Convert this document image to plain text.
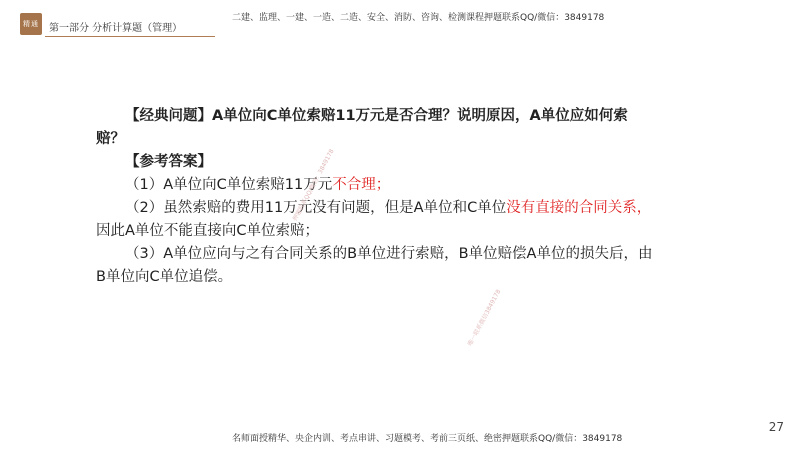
精通	第一部分 分析计算题（管理）
二建、监理、一建、一造、二造、安全、消防、咨询、检测课程押题联系QQ/微信：3849178

【经典问题】A单位向C单位索赔11万元是否合理？说明原因，A单位应如何索赔？

【参考答案】

（1）A单位向C单位索赔11万元不合理；

（2）虽然索赔的费用11万元没有问题，但是A单位和C单位没有直接的合同关系，因此A单位不能直接向C单位索赔；

（3）A单位应向与之有合同关系的B单位进行索赔，B单位赔偿A单位的损失后，由B单位向C单位追偿。

押题联系QQ/微信：3849178
唯一联系微信3849178
27
名师面授精华、央企内训、考点串讲、习题模考、考前三页纸、绝密押题联系QQ/微信：3849178
